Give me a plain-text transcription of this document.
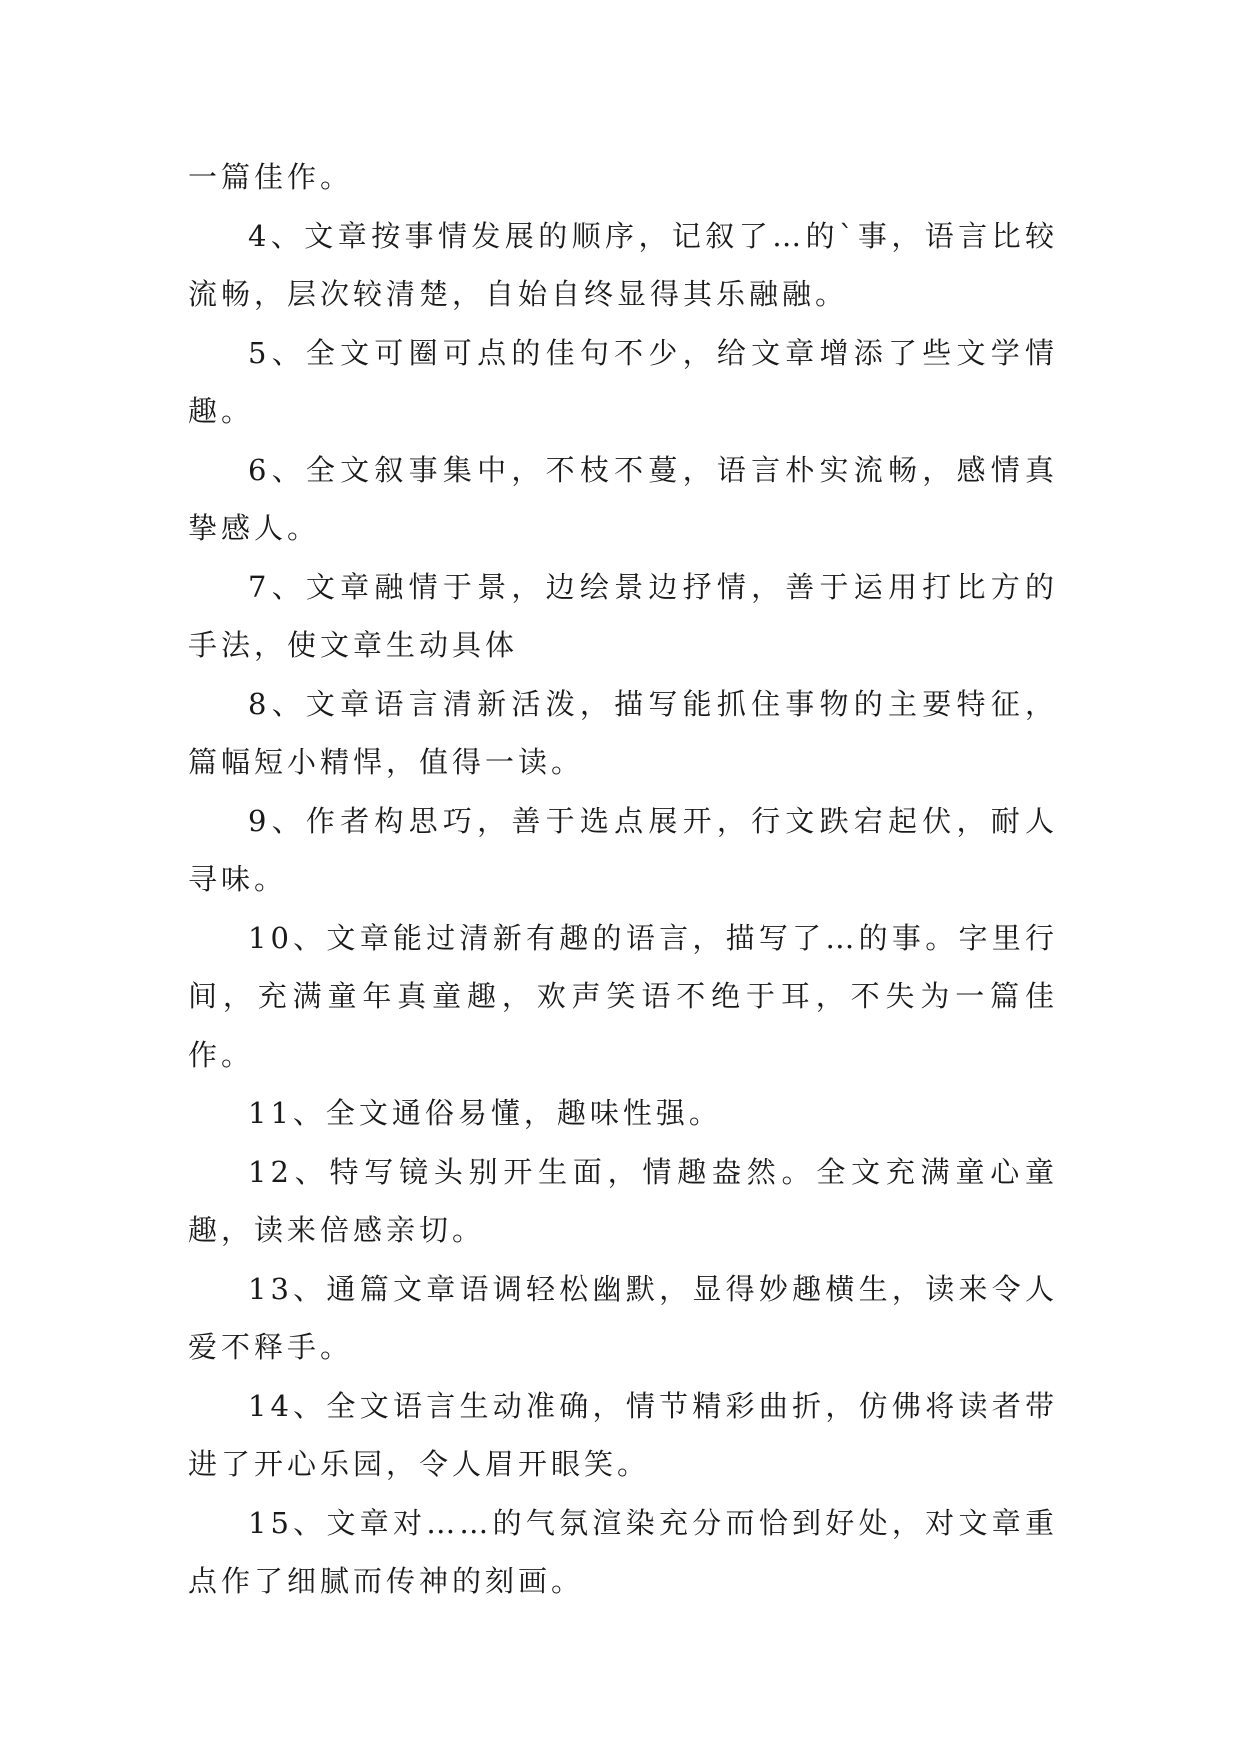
一篇佳作。

4、文章按事情发展的顺序，记叙了…的`事，语言比较流畅，层次较清楚，自始自终显得其乐融融。

5、全文可圈可点的佳句不少，给文章增添了些文学情趣。

6、全文叙事集中，不枝不蔓，语言朴实流畅，感情真挚感人。

7、文章融情于景，边绘景边抒情，善于运用打比方的手法，使文章生动具体

8、文章语言清新活泼，描写能抓住事物的主要特征，篇幅短小精悍，值得一读。

9、作者构思巧，善于选点展开，行文跌宕起伏，耐人寻味。

10、文章能过清新有趣的语言，描写了…的事。字里行间，充满童年真童趣，欢声笑语不绝于耳，不失为一篇佳作。

11、全文通俗易懂，趣味性强。

12、特写镜头别开生面，情趣盎然。全文充满童心童趣，读来倍感亲切。

13、通篇文章语调轻松幽默，显得妙趣横生，读来令人爱不释手。

14、全文语言生动准确，情节精彩曲折，仿佛将读者带进了开心乐园，令人眉开眼笑。

15、文章对……的气氛渲染充分而恰到好处，对文章重点作了细腻而传神的刻画。
